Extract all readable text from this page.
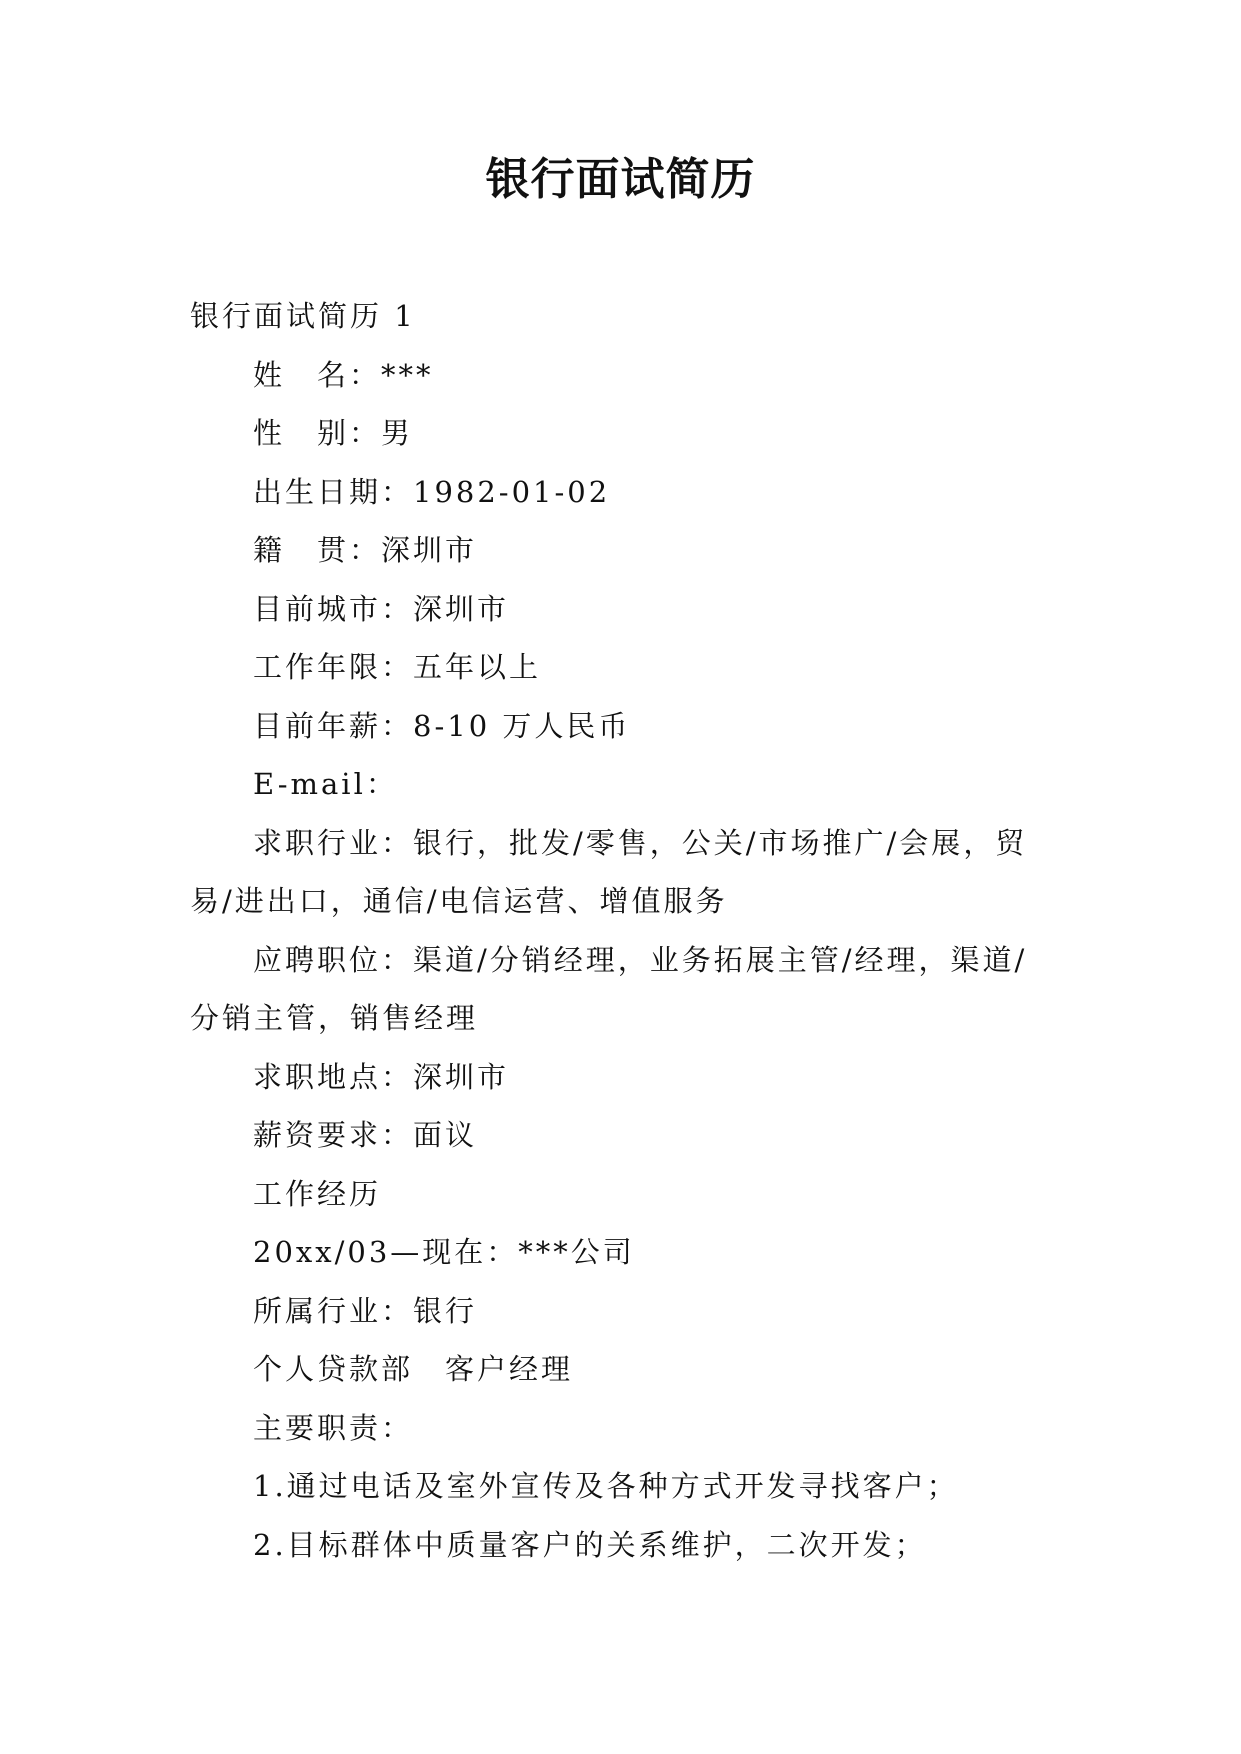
银行面试简历
银行面试简历 1
姓　名：***
性　别：男
出生日期：1982-01-02
籍　贯：深圳市
目前城市：深圳市
工作年限：五年以上
目前年薪：8-10 万人民币
E-mail：
求职行业：银行，批发/零售，公关/市场推广/会展，贸易/进出口，通信/电信运营、增值服务
应聘职位：渠道/分销经理，业务拓展主管/经理，渠道/分销主管，销售经理
求职地点：深圳市
薪资要求：面议
工作经历
20xx/03—现在：***公司
所属行业：银行
个人贷款部　客户经理
主要职责：
1.通过电话及室外宣传及各种方式开发寻找客户；
2.目标群体中质量客户的关系维护，二次开发；
